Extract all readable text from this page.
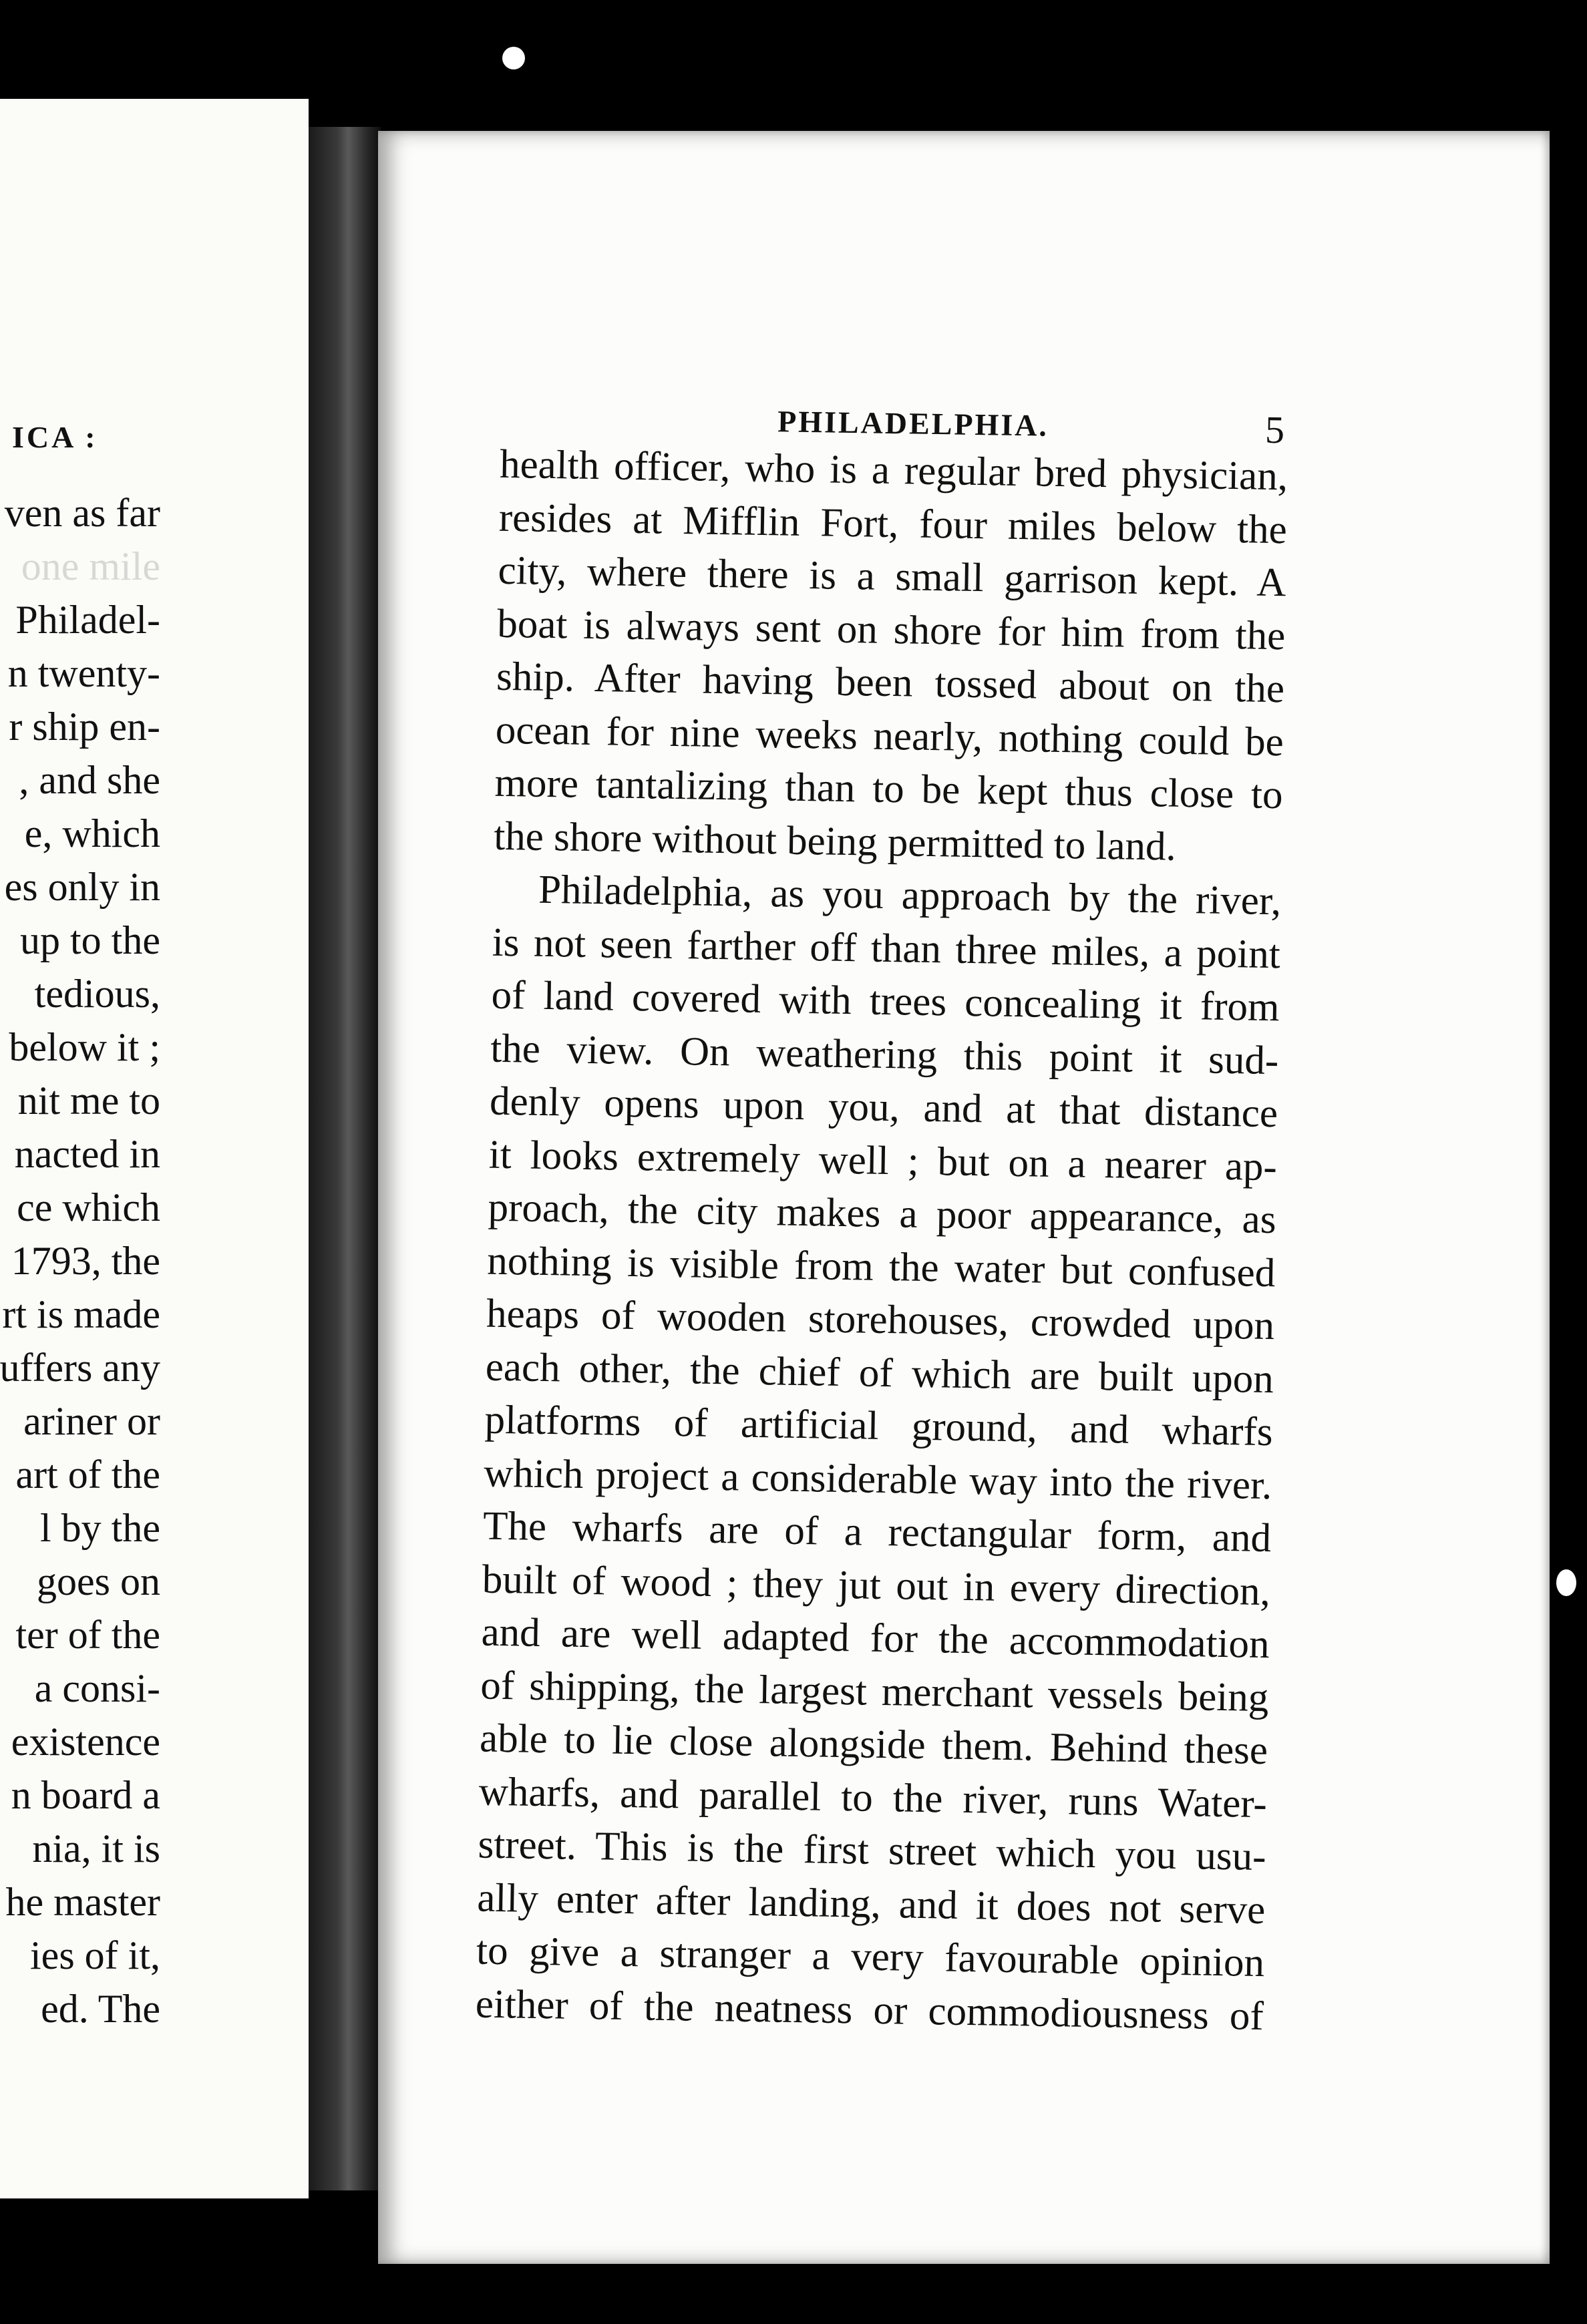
ICA :
ven as far
one mile
Philadel-
n twenty-
r ship en-
, and she
e, which
es only in
up to the
tedious,
below it ;
nit me to
nacted in
ce which
1793, the
rt is made
uffers any
ariner or
art of the
l by the
goes on
ter of the
a consi-
existence
n board a
nia, it is
he master
ies of it,
ed. The
PHILADELPHIA.	5
health officer, who is a regular bred physician,
resides at Mifflin Fort, four miles below the
city, where there is a small garrison kept. A
boat is always sent on shore for him from the
ship. After having been tossed about on the
ocean for nine weeks nearly, nothing could be
more tantalizing than to be kept thus close to
the shore without being permitted to land.
Philadelphia, as you approach by the river,
is not seen farther off than three miles, a point
of land covered with trees concealing it from
the view. On weathering this point it sud-
denly opens upon you, and at that distance
it looks extremely well ; but on a nearer ap-
proach, the city makes a poor appearance, as
nothing is visible from the water but confused
heaps of wooden storehouses, crowded upon
each other, the chief of which are built upon
platforms of artificial ground, and wharfs
which project a considerable way into the river.
The wharfs are of a rectangular form, and
built of wood ; they jut out in every direction,
and are well adapted for the accommodation
of shipping, the largest merchant vessels being
able to lie close alongside them. Behind these
wharfs, and parallel to the river, runs Water-
street. This is the first street which you usu-
ally enter after landing, and it does not serve
to give a stranger a very favourable opinion
either of the neatness or commodiousness of
